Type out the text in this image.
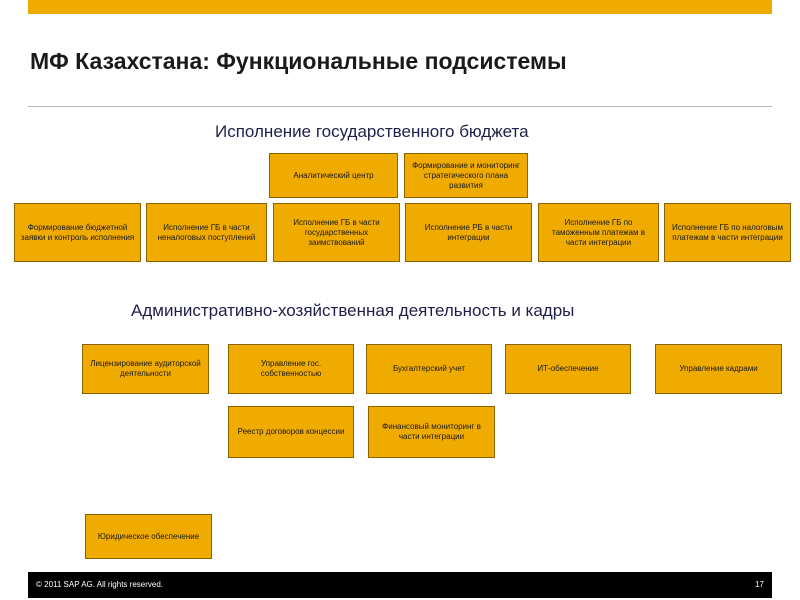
МФ Казахстана: Функциональные подсистемы
Исполнение государственного бюджета
Аналитический центр
Формирование и мониторинг стратегического плана развития
Формирование бюджетной заявки и контроль исполнения
Исполнение ГБ в части неналоговых поступлений
Исполнение ГБ в части государственных заимствований
Исполнение РБ в части интеграции
Исполнение ГБ по таможенным платежам в части интеграции
Исполнение ГБ по налоговым платежам в части интеграции
Административно-хозяйственная деятельность и кадры
Лицензирование аудиторской деятельности
Управление гос. собственностью
Бухгалтерский учет	ИТ-обеспечение	Управление кадрами
Реестр договоров концессии
Финансовый мониторинг в части интеграции
Юридическое обеспечение
© 2011 SAP AG. All rights reserved.	17
